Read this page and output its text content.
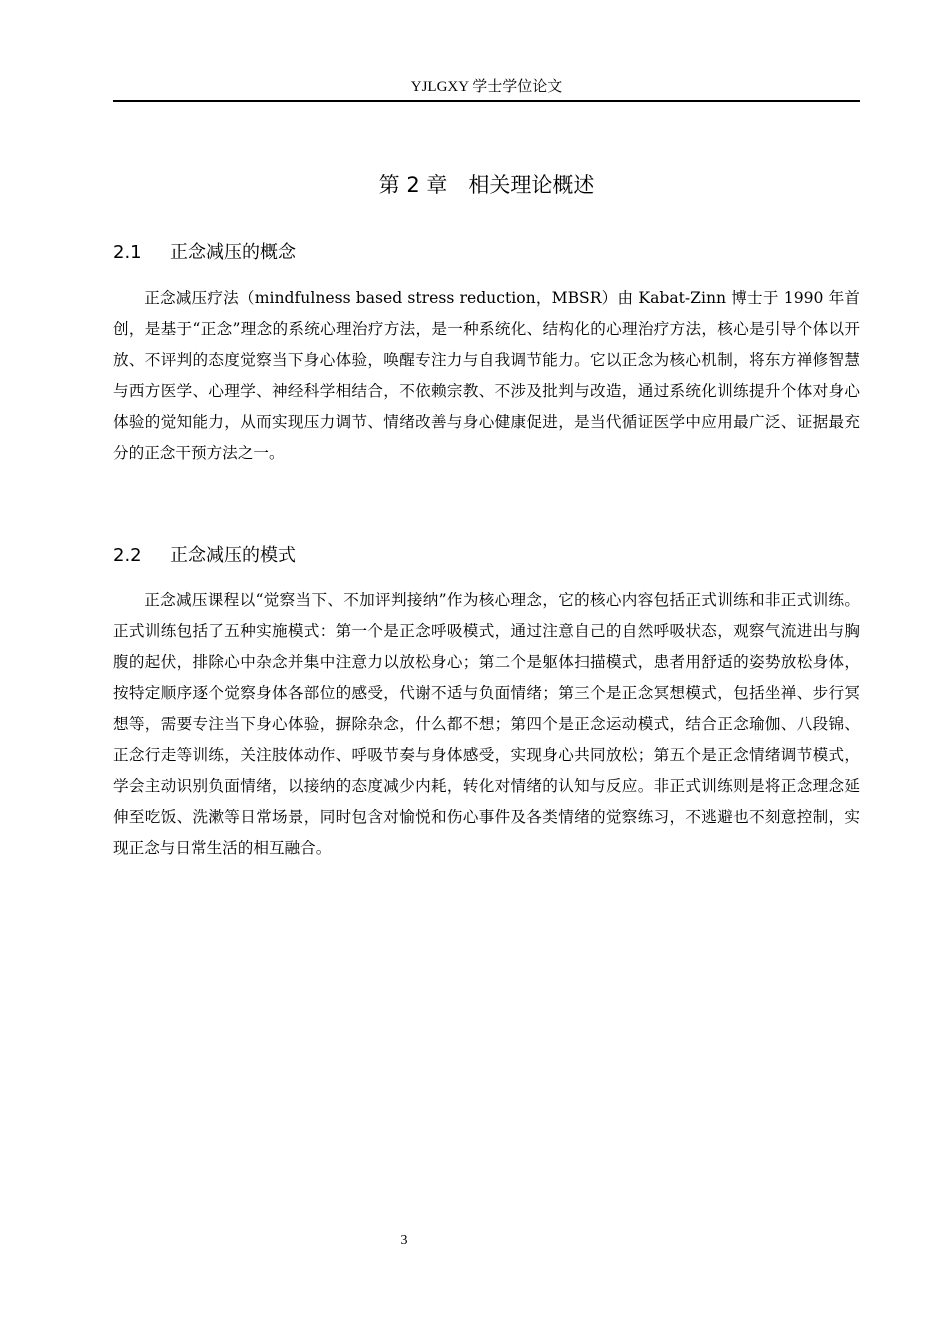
YJLGXY 学士学位论文
第 2 章　相关理论概述
2.1 正念减压的概念

正念减压疗法（mindfulness based stress reduction，MBSR）由 Kabat-Zinn 博士于 1990 年首创，是基于“正念”理念的系统心理治疗方法，是一种系统化、结构化的心理治疗方法，核心是引导个体以开放、不评判的态度觉察当下身心体验，唤醒专注力与自我调节能力。它以正念为核心机制，将东方禅修智慧与西方医学、心理学、神经科学相结合，不依赖宗教、不涉及批判与改造，通过系统化训练提升个体对身心体验的觉知能力，从而实现压力调节、情绪改善与身心健康促进，是当代循证医学中应用最广泛、证据最充分的正念干预方法之一。

2.2 正念减压的模式

正念减压课程以“觉察当下、不加评判接纳”作为核心理念，它的核心内容包括正式训练和非正式训练。正式训练包括了五种实施模式：第一个是正念呼吸模式，通过注意自己的自然呼吸状态，观察气流进出与胸腹的起伏，排除心中杂念并集中注意力以放松身心；第二个是躯体扫描模式，患者用舒适的姿势放松身体，按特定顺序逐个觉察身体各部位的感受，代谢不适与负面情绪；第三个是正念冥想模式，包括坐禅、步行冥想等，需要专注当下身心体验，摒除杂念，什么都不想；第四个是正念运动模式，结合正念瑜伽、八段锦、正念行走等训练，关注肢体动作、呼吸节奏与身体感受，实现身心共同放松；第五个是正念情绪调节模式，学会主动识别负面情绪，以接纳的态度减少内耗，转化对情绪的认知与反应。非正式训练则是将正念理念延伸至吃饭、洗漱等日常场景，同时包含对愉悦和伤心事件及各类情绪的觉察练习，不逃避也不刻意控制，实现正念与日常生活的相互融合。

3
